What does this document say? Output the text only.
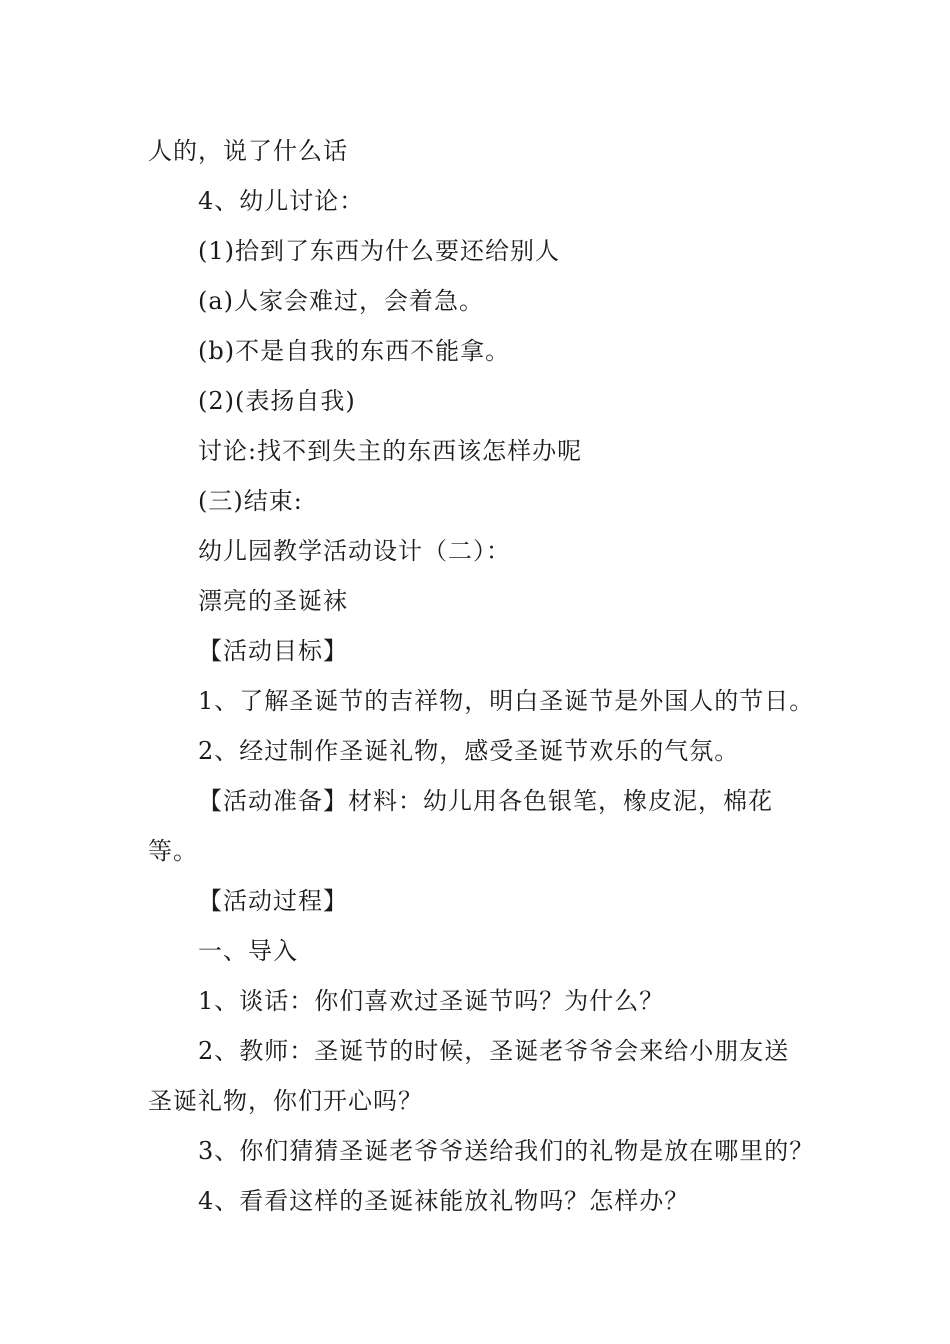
人的，说了什么话
4、幼儿讨论：
(1)拾到了东西为什么要还给别人
(a)人家会难过，会着急。
(b)不是自我的东西不能拿。
(2)(表扬自我)
讨论:找不到失主的东西该怎样办呢
(三)结束:
幼儿园教学活动设计（二）：
漂亮的圣诞袜
【活动目标】
1、了解圣诞节的吉祥物，明白圣诞节是外国人的节日。
2、经过制作圣诞礼物，感受圣诞节欢乐的气氛。
【活动准备】材料：幼儿用各色银笔，橡皮泥，棉花
等。
【活动过程】
一、导入
1、谈话：你们喜欢过圣诞节吗？为什么？
2、教师：圣诞节的时候，圣诞老爷爷会来给小朋友送
圣诞礼物，你们开心吗？
3、你们猜猜圣诞老爷爷送给我们的礼物是放在哪里的？
4、看看这样的圣诞袜能放礼物吗？怎样办？
